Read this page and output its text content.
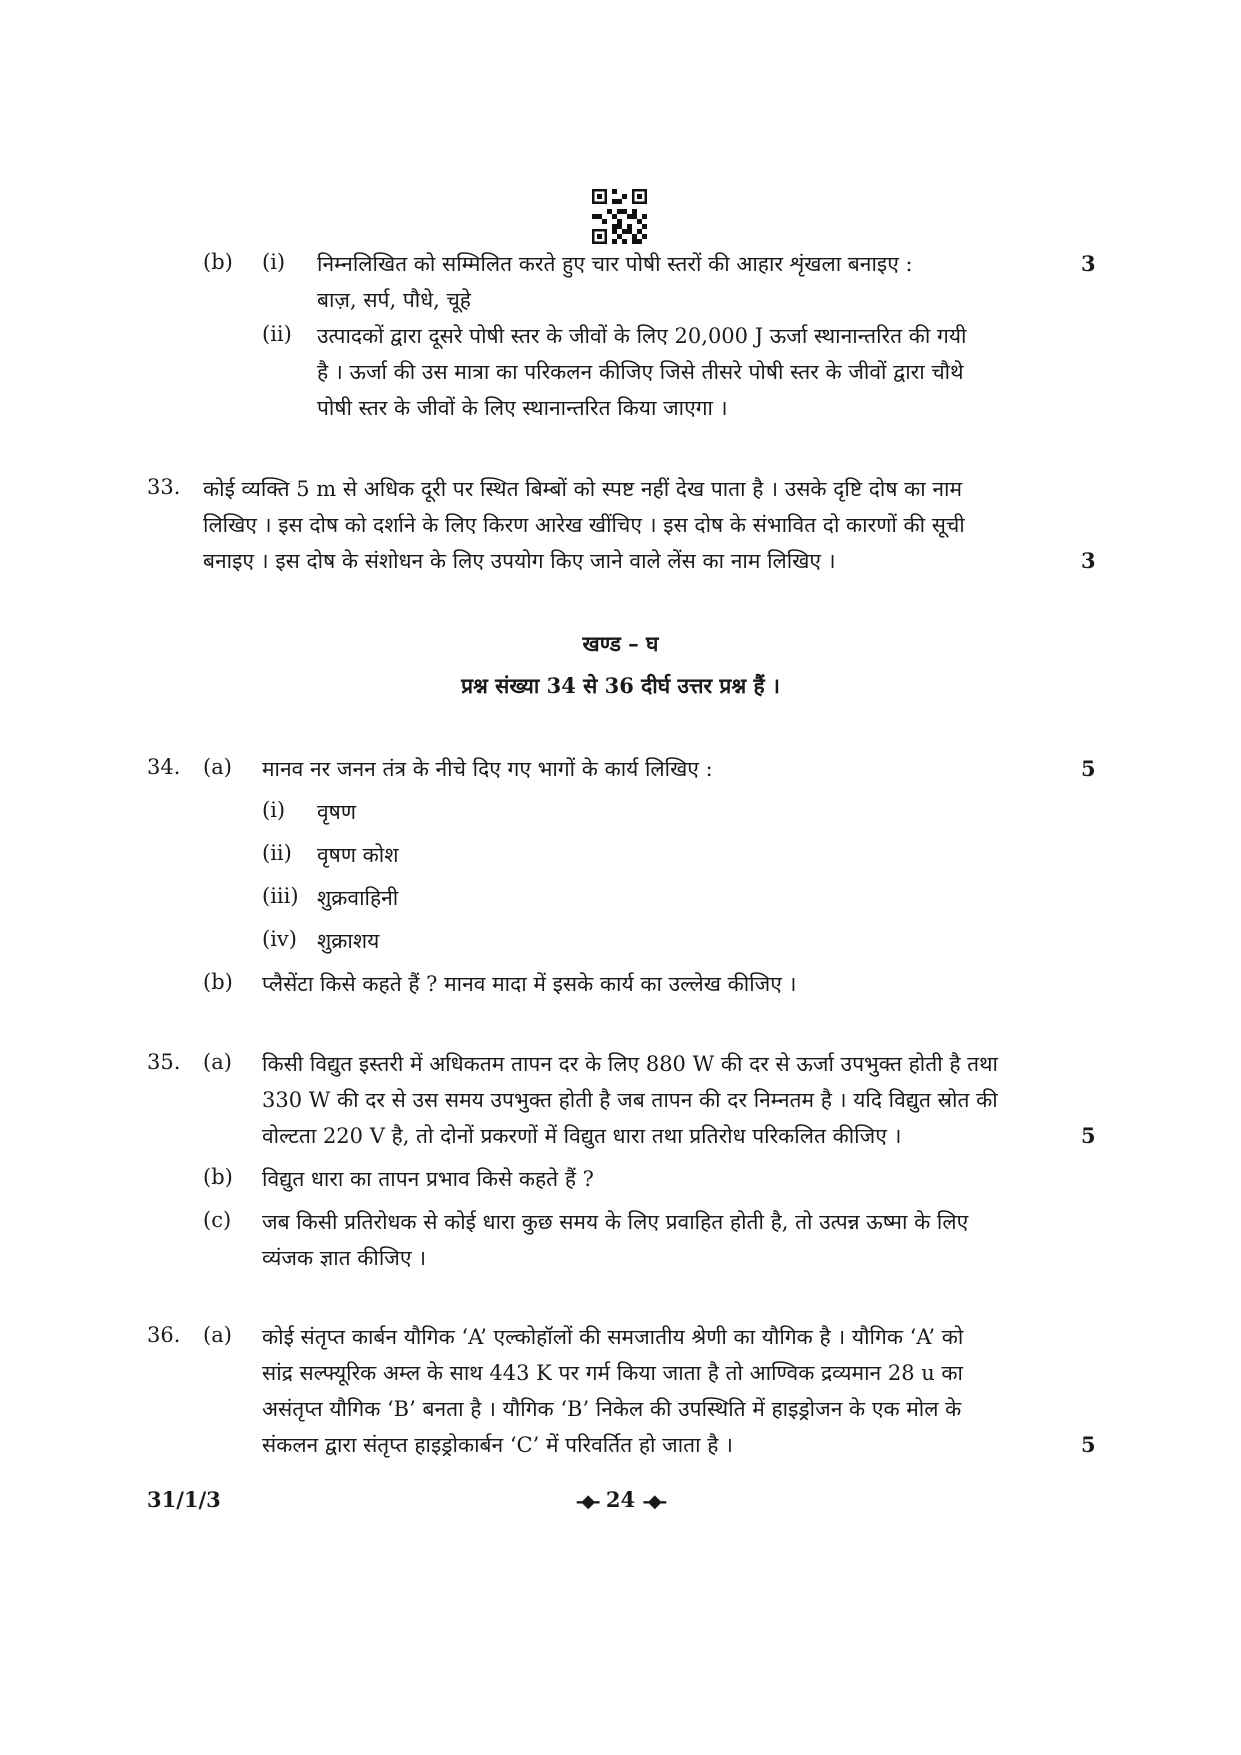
(b) (i) निम्नलिखित को सम्मिलित करते हुए चार पोषी स्तरों की आहार शृंखला बनाइए :
बाज़, सर्प, पौधे, चूहे
3
(ii) उत्पादकों द्वारा दूसरे पोषी स्तर के जीवों के लिए 20,000 J ऊर्जा स्थानान्तरित की गयी
है । ऊर्जा की उस मात्रा का परिकलन कीजिए जिसे तीसरे पोषी स्तर के जीवों द्वारा चौथे
पोषी स्तर के जीवों के लिए स्थानान्तरित किया जाएगा ।
33. कोई व्यक्ति 5 m से अधिक दूरी पर स्थित बिम्बों को स्पष्ट नहीं देख पाता है । उसके दृष्टि दोष का नाम
लिखिए । इस दोष को दर्शाने के लिए किरण आरेख खींचिए । इस दोष के संभावित दो कारणों की सूची
बनाइए । इस दोष के संशोधन के लिए उपयोग किए जाने वाले लेंस का नाम लिखिए ।	3
खण्ड – घ
प्रश्न संख्या 34 से 36 दीर्घ उत्तर प्रश्न हैं ।
34. (a) मानव नर जनन तंत्र के नीचे दिए गए भागों के कार्य लिखिए :	5
(i) वृषण
(ii) वृषण कोश
(iii) शुक्रवाहिनी
(iv) शुक्राशय
(b) प्लैसेंटा किसे कहते हैं ? मानव मादा में इसके कार्य का उल्लेख कीजिए ।
35. (a) किसी विद्युत इस्तरी में अधिकतम तापन दर के लिए 880 W की दर से ऊर्जा उपभुक्त होती है तथा
330 W की दर से उस समय उपभुक्त होती है जब तापन की दर निम्नतम है । यदि विद्युत स्रोत की
वोल्टता 220 V है, तो दोनों प्रकरणों में विद्युत धारा तथा प्रतिरोध परिकलित कीजिए ।	5
(b) विद्युत धारा का तापन प्रभाव किसे कहते हैं ?
(c) जब किसी प्रतिरोधक से कोई धारा कुछ समय के लिए प्रवाहित होती है, तो उत्पन्न ऊष्मा के लिए
व्यंजक ज्ञात कीजिए ।
36. (a) कोई संतृप्त कार्बन यौगिक ‘A’ एल्कोहॉलों की समजातीय श्रेणी का यौगिक है । यौगिक ‘A’ को
सांद्र सल्फ्यूरिक अम्ल के साथ 443 K पर गर्म किया जाता है तो आण्विक द्रव्यमान 28 u का
असंतृप्त यौगिक ‘B’ बनता है । यौगिक ‘B’ निकेल की उपस्थिति में हाइड्रोजन के एक मोल के
संकलन द्वारा संतृप्त हाइड्रोकार्बन ‘C’ में परिवर्तित हो जाता है ।	5
31/1/3	-◆- 24 -◆-
